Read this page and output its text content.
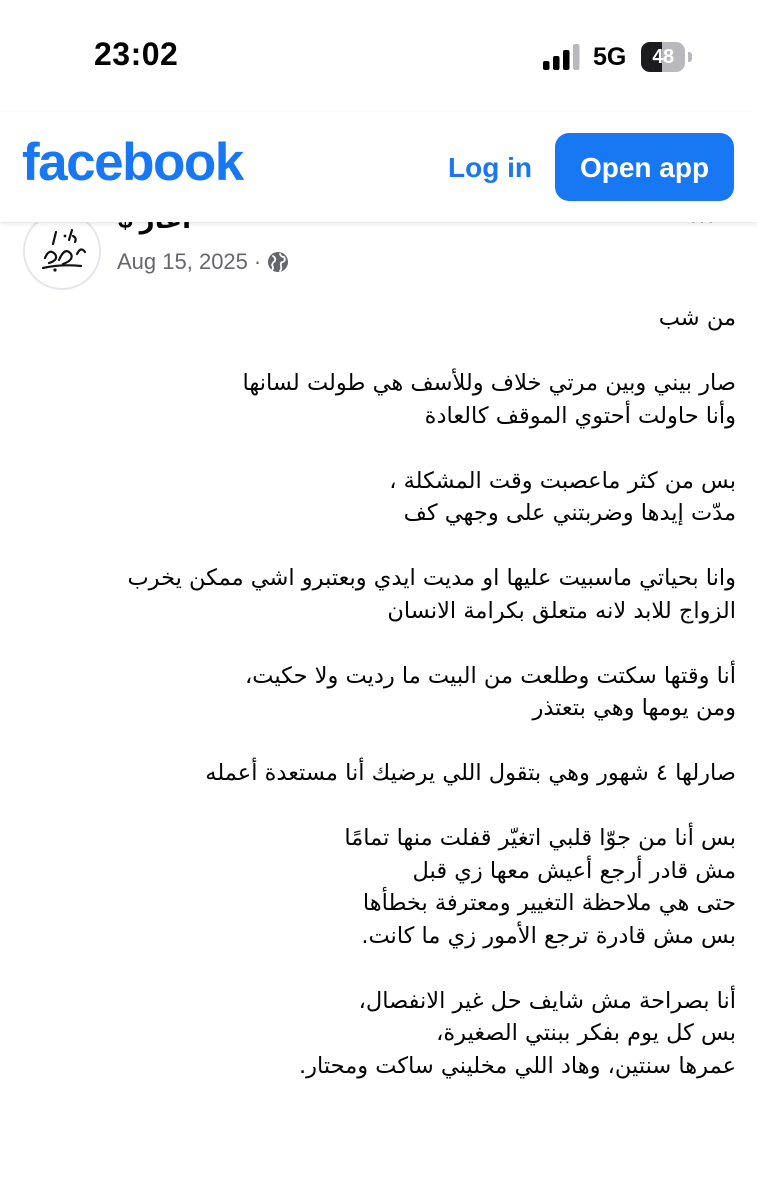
23:02	5G	48
facebook	Log in	Open app
Aug 15, 2025 ·

من شب

صار بيني وبين مرتي خلاف وللأسف هي طولت لسانها
وأنا حاولت أحتوي الموقف كالعادة

بس من كثر ماعصبت وقت المشكلة ،
مدّت إيدها وضربتني على وجهي كف

وانا بحياتي ماسبيت عليها او مديت ايدي وبعتبرو اشي ممكن يخرب
الزواج للابد لانه متعلق بكرامة الانسان

أنا وقتها سكتت وطلعت من البيت ما رديت ولا حكيت،
ومن يومها وهي بتعتذر

صارلها ٤ شهور وهي بتقول اللي يرضيك أنا مستعدة أعمله

بس أنا من جوّا قلبي اتغيّر قفلت منها تمامًا
مش قادر أرجع أعيش معها زي قبل
حتى هي ملاحظة التغيير ومعترفة بخطأها
بس مش قادرة ترجع الأمور زي ما كانت.

أنا بصراحة مش شايف حل غير الانفصال،
بس كل يوم بفكر ببنتي الصغيرة،
عمرها سنتين، وهاد اللي مخليني ساكت ومحتار.
